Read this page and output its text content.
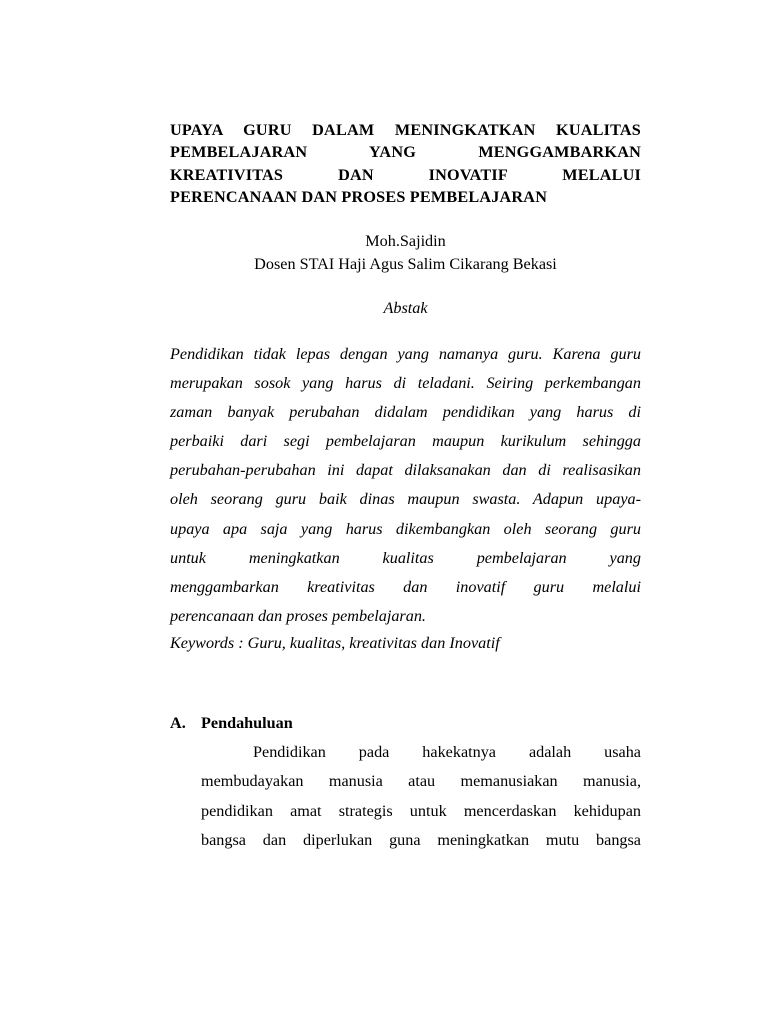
UPAYA GURU DALAM MENINGKATKAN KUALITAS
PEMBELAJARAN YANG MENGGAMBARKAN
KREATIVITAS DAN INOVATIF MELALUI
PERENCANAAN DAN PROSES PEMBELAJARAN
Moh.Sajidin
Dosen STAI Haji Agus Salim Cikarang Bekasi
Abstak
Pendidikan tidak lepas dengan yang namanya guru. Karena guru
merupakan sosok yang harus di teladani. Seiring perkembangan
zaman banyak perubahan didalam pendidikan yang harus di
perbaiki dari segi pembelajaran maupun kurikulum sehingga
perubahan-perubahan ini dapat dilaksanakan dan di realisasikan
oleh seorang guru baik dinas maupun swasta. Adapun upaya-
upaya apa saja yang harus dikembangkan oleh seorang guru
untuk meningkatkan kualitas pembelajaran yang
menggambarkan kreativitas dan inovatif guru melalui
perencanaan dan proses pembelajaran.
Keywords : Guru, kualitas, kreativitas dan Inovatif
A. Pendahuluan
Pendidikan pada hakekatnya adalah usaha
membudayakan manusia atau memanusiakan manusia,
pendidikan amat strategis untuk mencerdaskan kehidupan
bangsa dan diperlukan guna meningkatkan mutu bangsa
